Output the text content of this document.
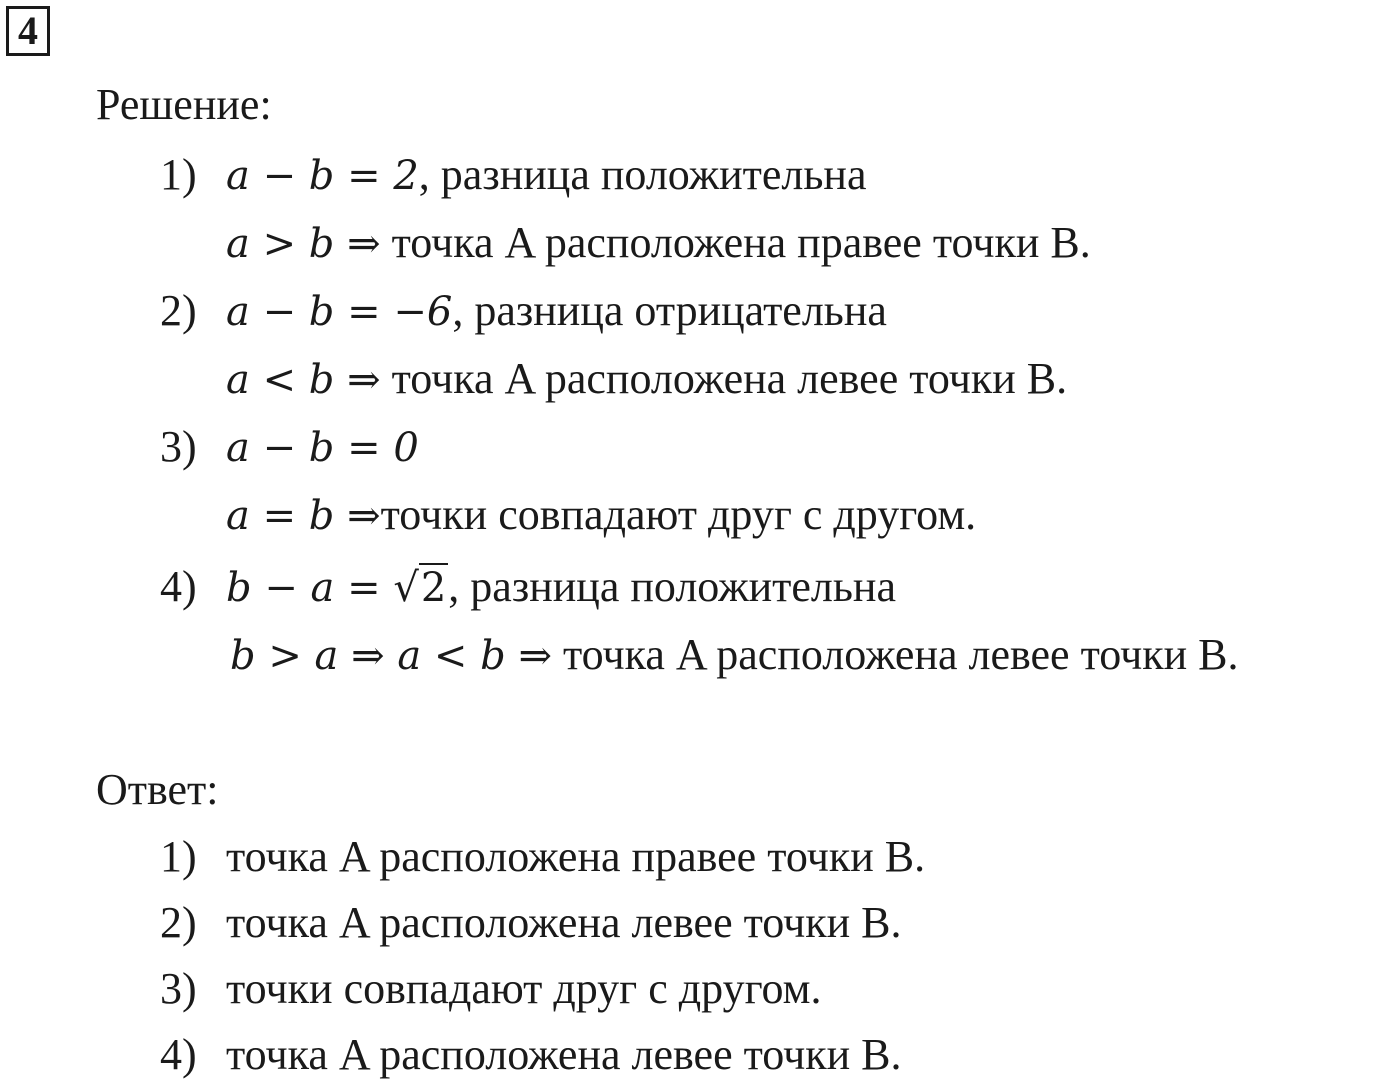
4
Решение:
1) a − b = 2, разница положительна
a > b ⇒ точка A расположена правее точки B.
2) a − b = −6, разница отрицательна
a < b ⇒ точка A расположена левее точки B.
3) a − b = 0
a = b ⇒точки совпадают друг с другом.
4) b − a = √2, разница положительна
b > a ⇒ a < b ⇒ точка A расположена левее точки B.
Ответ:
1) точка A расположена правее точки B.
2) точка A расположена левее точки B.
3) точки совпадают друг с другом.
4) точка A расположена левее точки B.
